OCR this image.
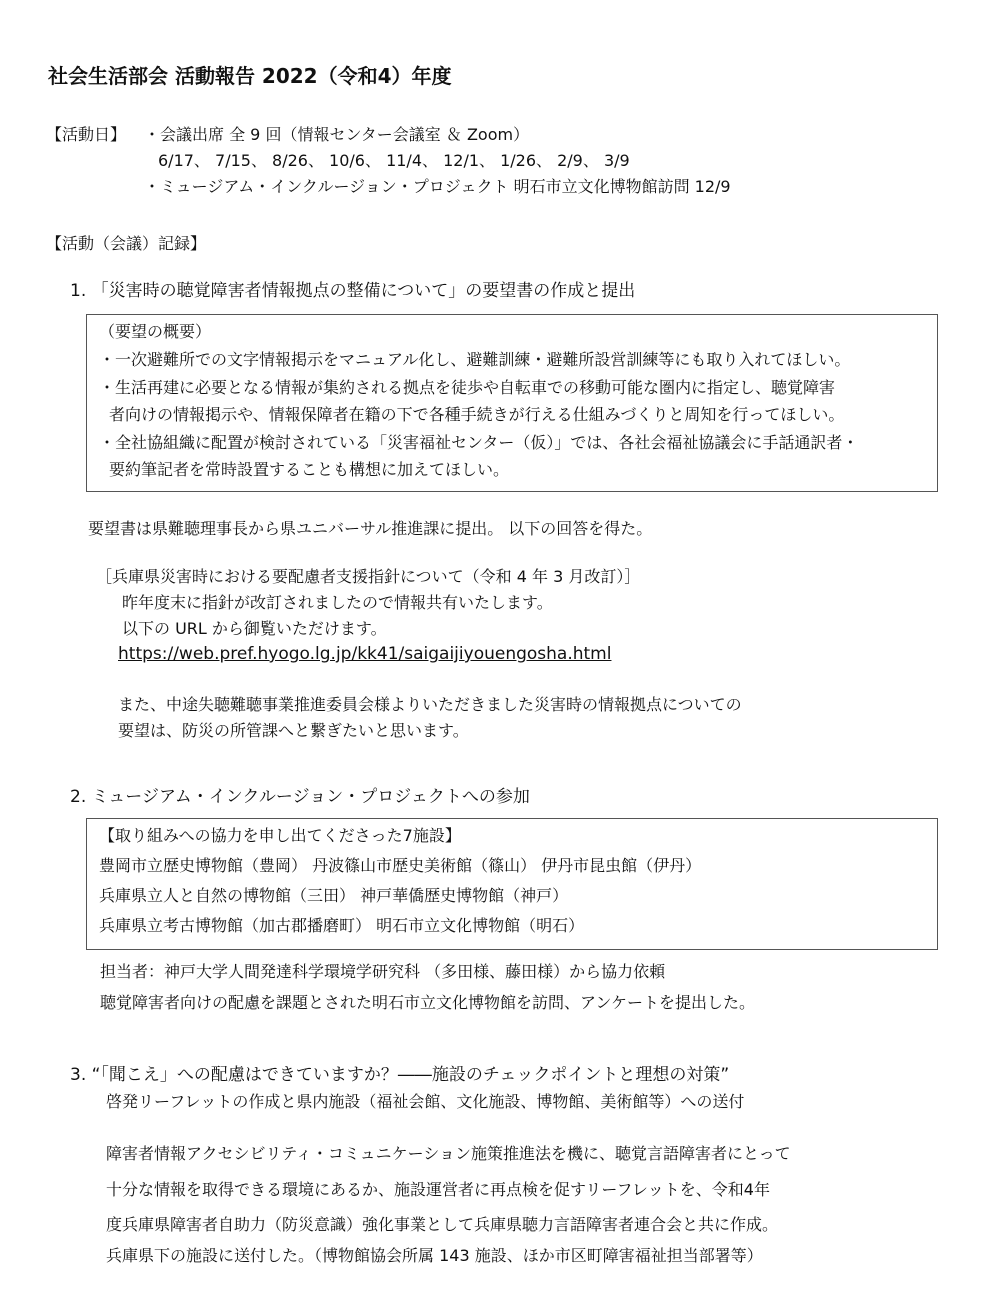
社会生活部会 活動報告 2022（令和4）年度
【活動日】 ・会議出席 全 9 回（情報センター会議室 ＆ Zoom）
6/17、 7/15、 8/26、 10/6、 11/4、 12/1、 1/26、 2/9、 3/9
・ミュージアム・インクルージョン・プロジェクト 明石市立文化博物館訪問 12/9
【活動（会議）記録】
1. 「災害時の聴覚障害者情報拠点の整備について」の要望書の作成と提出
（要望の概要）
・一次避難所での文字情報掲示をマニュアル化し、避難訓練・避難所設営訓練等にも取り入れてほしい。
・生活再建に必要となる情報が集約される拠点を徒歩や自転車での移動可能な圏内に指定し、聴覚障害
者向けの情報掲示や、情報保障者在籍の下で各種手続きが行える仕組みづくりと周知を行ってほしい。
・全社協組織に配置が検討されている「災害福祉センター（仮）」では、各社会福祉協議会に手話通訳者・
要約筆記者を常時設置することも構想に加えてほしい。
要望書は県難聴理事長から県ユニバーサル推進課に提出。 以下の回答を得た。
［兵庫県災害時における要配慮者支援指針について（令和 4 年 3 月改訂）］
昨年度末に指針が改訂されましたので情報共有いたします。
以下の URL から御覧いただけます。
https://web.pref.hyogo.lg.jp/kk41/saigaijiyouengosha.html
また、中途失聴難聴事業推進委員会様よりいただきました災害時の情報拠点についての
要望は、防災の所管課へと繋ぎたいと思います。
2. ミュージアム・インクルージョン・プロジェクトへの参加
【取り組みへの協力を申し出てくださった7施設】
豊岡市立歴史博物館（豊岡） 丹波篠山市歴史美術館（篠山） 伊丹市昆虫館（伊丹）
兵庫県立人と自然の博物館（三田） 神戸華僑歴史博物館（神戸）
兵庫県立考古博物館（加古郡播磨町） 明石市立文化博物館（明石）
担当者：神戸大学人間発達科学環境学研究科 （多田様、藤田様）から協力依頼
聴覚障害者向けの配慮を課題とされた明石市立文化博物館を訪問、アンケートを提出した。
3. “「聞こえ」への配慮はできていますか？――施設のチェックポイントと理想の対策”
啓発リーフレットの作成と県内施設（福祉会館、文化施設、博物館、美術館等）への送付
障害者情報アクセシビリティ・コミュニケーション施策推進法を機に、聴覚言語障害者にとって
十分な情報を取得できる環境にあるか、施設運営者に再点検を促すリーフレットを、令和4年
度兵庫県障害者自助力（防災意識）強化事業として兵庫県聴力言語障害者連合会と共に作成。
兵庫県下の施設に送付した。（博物館協会所属 143 施設、ほか市区町障害福祉担当部署等）
